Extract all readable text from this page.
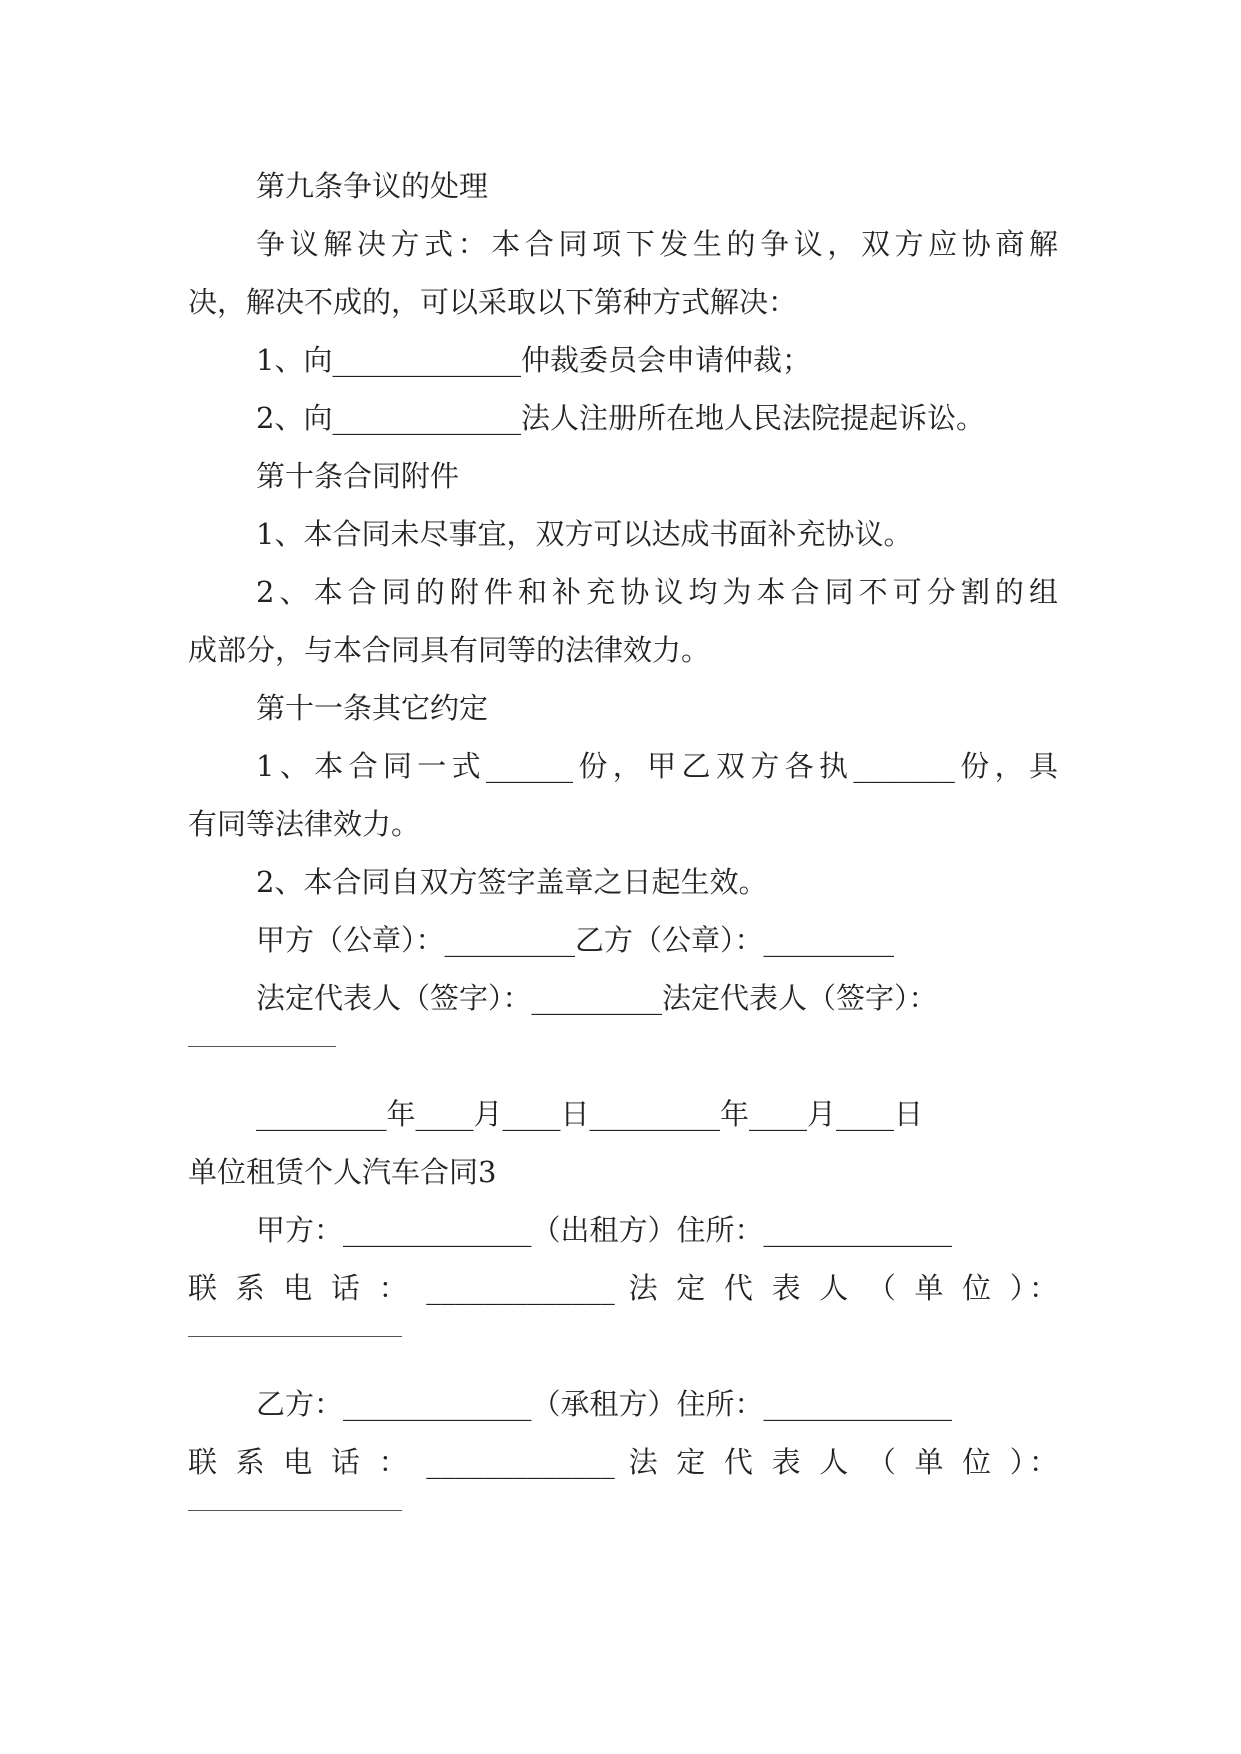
第九条争议的处理
争议解决方式：本合同项下发生的争议，双方应协商解
决，解决不成的，可以采取以下第种方式解决：
1、向_____________仲裁委员会申请仲裁；
2、向_____________法人注册所在地人民法院提起诉讼。
第十条合同附件
1、本合同未尽事宜，双方可以达成书面补充协议。
2、本合同的附件和补充协议均为本合同不可分割的组
成部分，与本合同具有同等的法律效力。
第十一条其它约定
1、本合同一式______份，甲乙双方各执_______份，具
有同等法律效力。
2、本合同自双方签字盖章之日起生效。
甲方（公章）：_________乙方（公章）：_________
法定代表人（签字）：_________法定代表人（签字）：
_________年____月____日_________年____月____日
单位租赁个人汽车合同3
甲方：_____________（出租方）住所：_____________
联 系 电 话 ： _____________ 法 定 代 表 人 （ 单 位 ）：
乙方：_____________（承租方）住所：_____________
联 系 电 话 ： _____________ 法 定 代 表 人 （ 单 位 ）：
